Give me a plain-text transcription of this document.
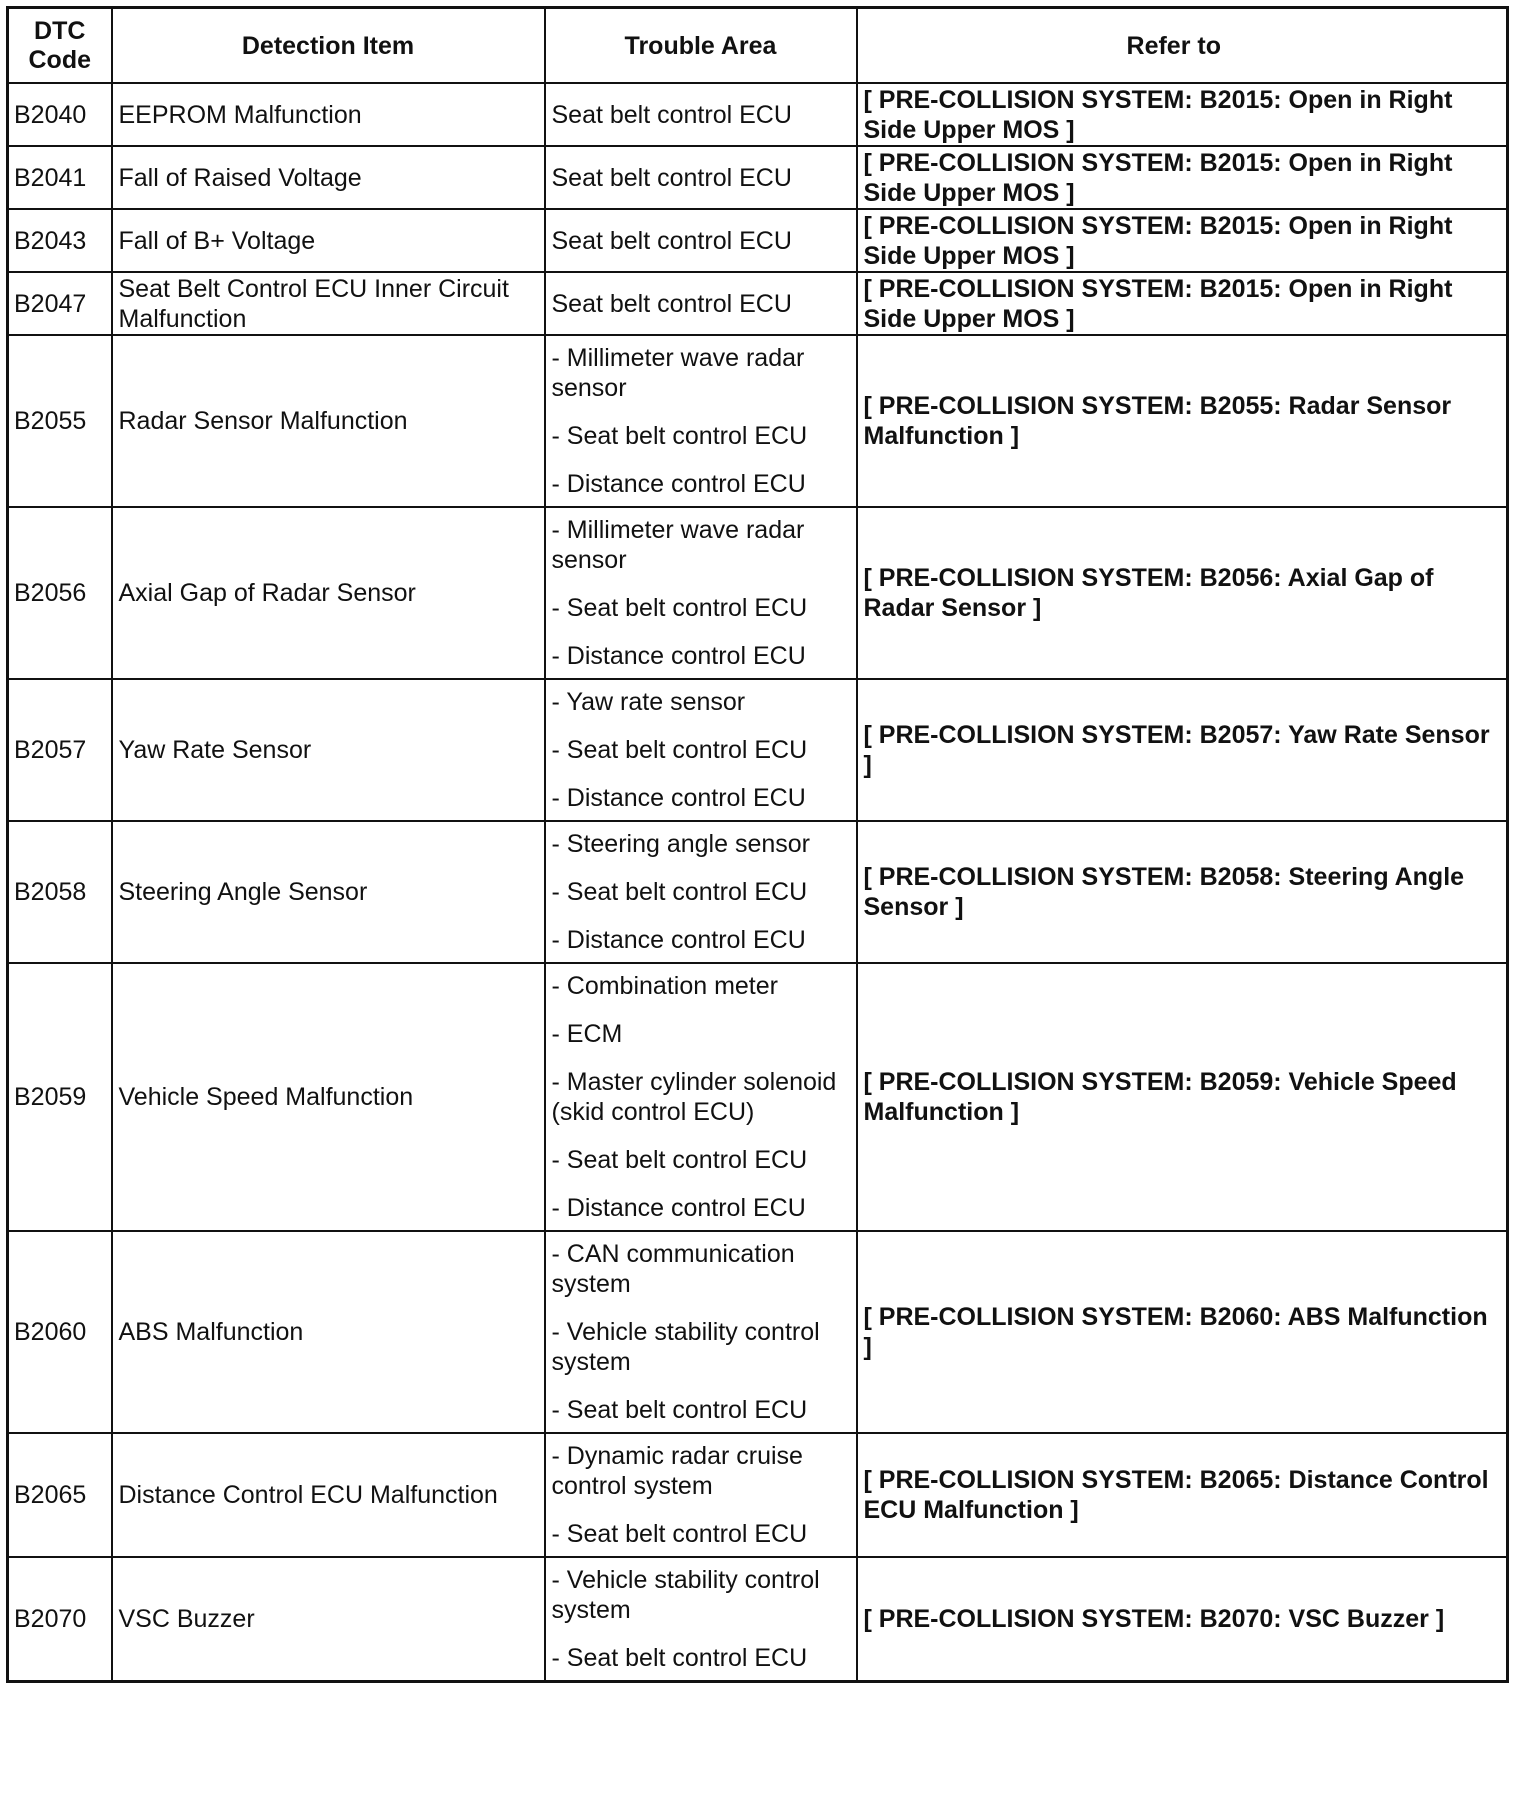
DTC
Code	Detection Item	Trouble Area	Refer to
B2040	EEPROM Malfunction	Seat belt control ECU	[ PRE-COLLISION SYSTEM: B2015: Open in Right Side Upper MOS ]
B2041	Fall of Raised Voltage	Seat belt control ECU	[ PRE-COLLISION SYSTEM: B2015: Open in Right Side Upper MOS ]
B2043	Fall of B+ Voltage	Seat belt control ECU	[ PRE-COLLISION SYSTEM: B2015: Open in Right Side Upper MOS ]
B2047	Seat Belt Control ECU Inner Circuit Malfunction	Seat belt control ECU	[ PRE-COLLISION SYSTEM: B2015: Open in Right Side Upper MOS ]
B2055	Radar Sensor Malfunction	- Millimeter wave radar sensor
- Seat belt control ECU
- Distance control ECU	[ PRE-COLLISION SYSTEM: B2055: Radar Sensor Malfunction ]
B2056	Axial Gap of Radar Sensor	- Millimeter wave radar sensor
- Seat belt control ECU
- Distance control ECU	[ PRE-COLLISION SYSTEM: B2056: Axial Gap of Radar Sensor ]
B2057	Yaw Rate Sensor	- Yaw rate sensor
- Seat belt control ECU
- Distance control ECU	[ PRE-COLLISION SYSTEM: B2057: Yaw Rate Sensor ]
B2058	Steering Angle Sensor	- Steering angle sensor
- Seat belt control ECU
- Distance control ECU	[ PRE-COLLISION SYSTEM: B2058: Steering Angle Sensor ]
B2059	Vehicle Speed Malfunction	- Combination meter
- ECM
- Master cylinder solenoid (skid control ECU)
- Seat belt control ECU
- Distance control ECU	[ PRE-COLLISION SYSTEM: B2059: Vehicle Speed Malfunction ]
B2060	ABS Malfunction	- CAN communication system
- Vehicle stability control system
- Seat belt control ECU	[ PRE-COLLISION SYSTEM: B2060: ABS Malfunction ]
B2065	Distance Control ECU Malfunction	- Dynamic radar cruise control system
- Seat belt control ECU	[ PRE-COLLISION SYSTEM: B2065: Distance Control ECU Malfunction ]
B2070	VSC Buzzer	- Vehicle stability control system
- Seat belt control ECU	[ PRE-COLLISION SYSTEM: B2070: VSC Buzzer ]
